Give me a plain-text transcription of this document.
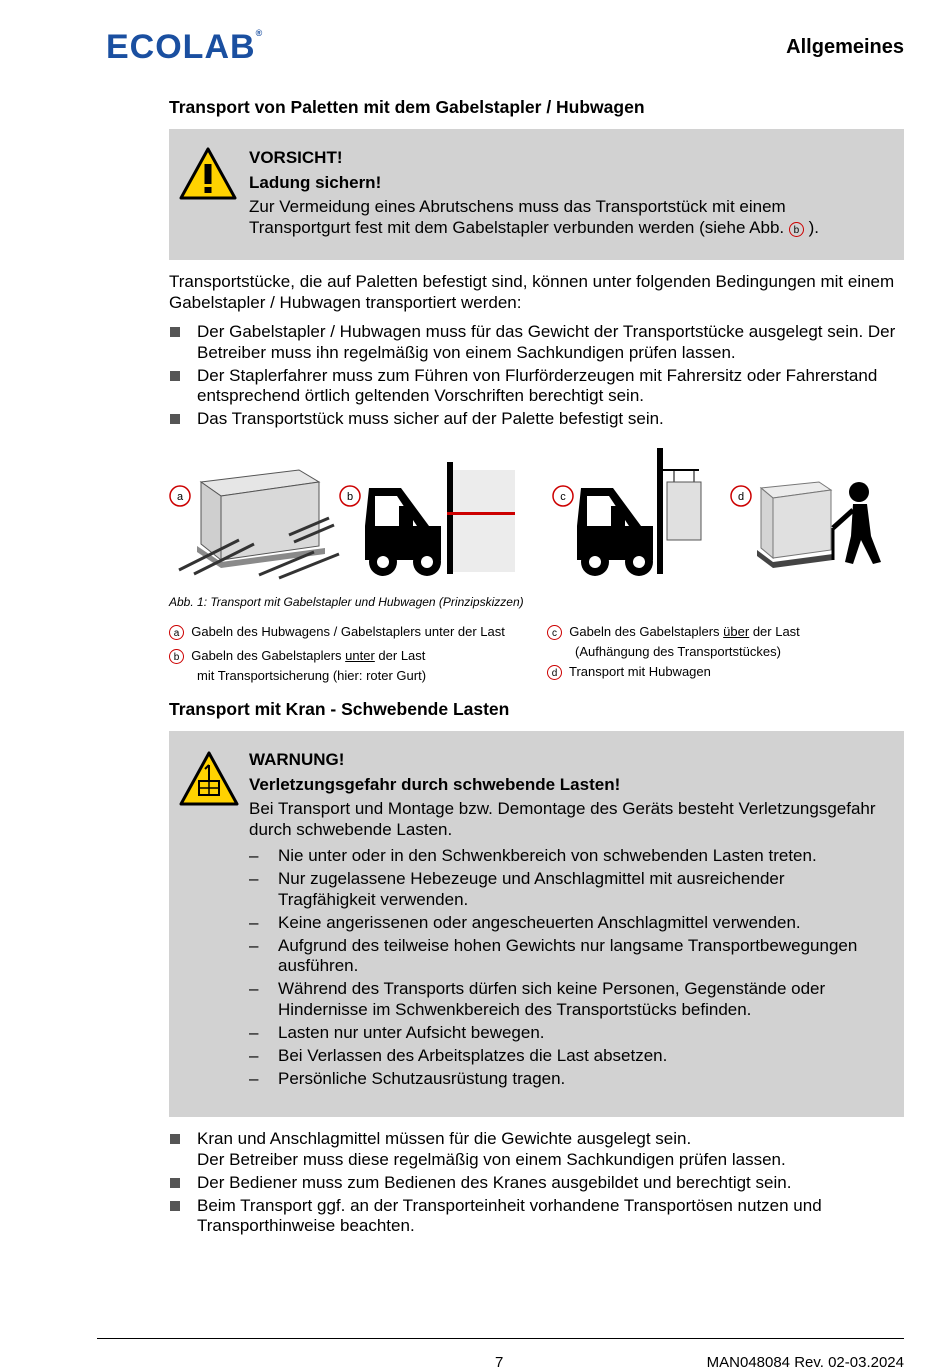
ECOLAB®
Allgemeines
Transport von Paletten mit dem Gabelstapler / Hubwagen
VORSICHT!
Ladung sichern!
Zur Vermeidung eines Abrutschens muss das Transportstück mit einem Transportgurt fest mit dem Gabelstapler verbunden werden (siehe Abb. b ).
Transportstücke, die auf Paletten befestigt sind, können unter folgenden Bedingungen mit einem Gabelstapler / Hubwagen transportiert werden:
Der Gabelstapler / Hubwagen muss für das Gewicht der Transportstücke ausgelegt sein. Der Betreiber muss ihn regelmäßig von einem Sachkundigen prüfen lassen.
Der Staplerfahrer muss zum Führen von Flurförderzeugen mit Fahrersitz oder Fahrerstand entsprechend örtlich geltenden Vorschriften berechtigt sein.
Das Transportstück muss sicher auf der Palette befestigt sein.
a	b	c	d
Abb. 1: Transport mit Gabelstapler und Hubwagen (Prinzipskizzen)
a Gabeln des Hubwagens / Gabelstaplers unter der Last
b Gabeln des Gabelstaplers unter der Last
mit Transportsicherung (hier: roter Gurt)
c Gabeln des Gabelstaplers über der Last
(Aufhängung des Transportstückes)
d Transport mit Hubwagen
Transport mit Kran - Schwebende Lasten
WARNUNG!
Verletzungsgefahr durch schwebende Lasten!
Bei Transport und Montage bzw. Demontage des Geräts besteht Verletzungsgefahr durch schwebende Lasten.
– Nie unter oder in den Schwenkbereich von schwebenden Lasten treten.
– Nur zugelassene Hebezeuge und Anschlagmittel mit ausreichender Tragfähigkeit verwenden.
– Keine angerissenen oder angescheuerten Anschlagmittel verwenden.
– Aufgrund des teilweise hohen Gewichts nur langsame Transportbewegungen ausführen.
– Während des Transports dürfen sich keine Personen, Gegenstände oder Hindernisse im Schwenkbereich des Transportstücks befinden.
– Lasten nur unter Aufsicht bewegen.
– Bei Verlassen des Arbeitsplatzes die Last absetzen.
– Persönliche Schutzausrüstung tragen.
Kran und Anschlagmittel müssen für die Gewichte ausgelegt sein.
Der Betreiber muss diese regelmäßig von einem Sachkundigen prüfen lassen.
Der Bediener muss zum Bedienen des Kranes ausgebildet und berechtigt sein.
Beim Transport ggf. an der Transporteinheit vorhandene Transportösen nutzen und Transporthinweise beachten.
7	MAN048084 Rev. 02-03.2024
